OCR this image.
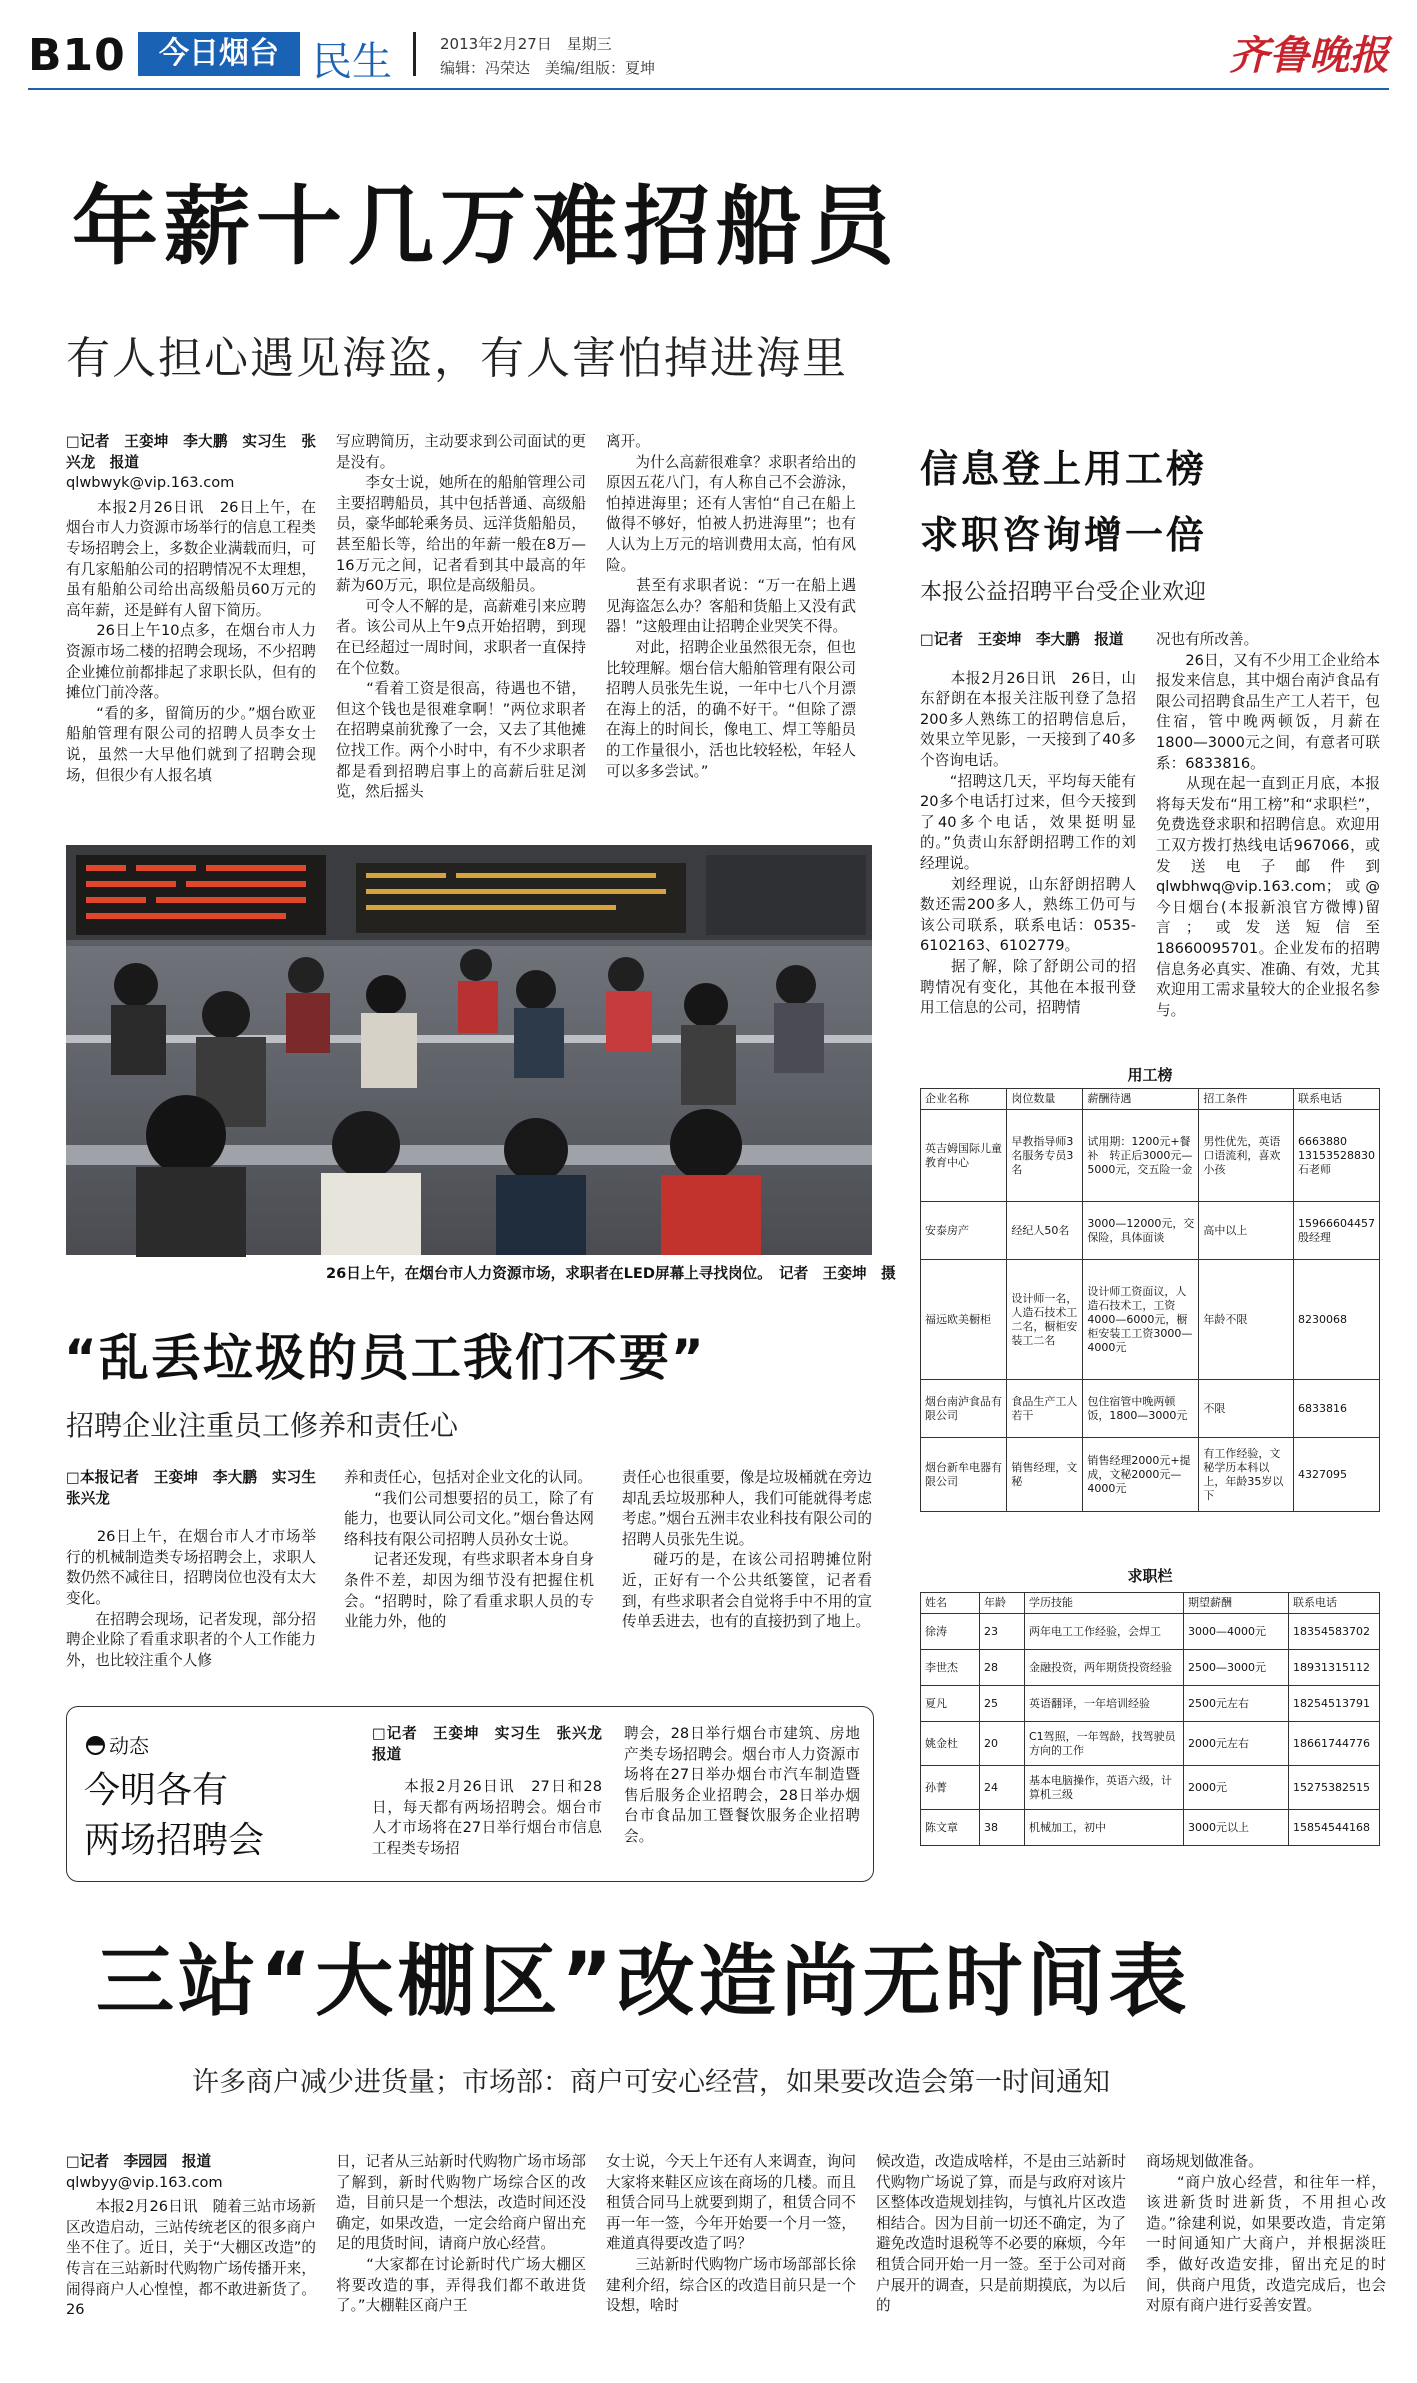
B10	今日烟台 民生	2013年2月27日　星期三
编辑：冯荣达　美编/组版：夏坤	齐鲁晚报
年薪十几万难招船员
有人担心遇见海盗，有人害怕掉进海里
□记者　王娈坤　李大鹏　实习生　张兴龙　报道
qlwbwyk@vip.163.com
　　本报2月26日讯　26日上午，在烟台市人力资源市场举行的信息工程类专场招聘会上，多数企业满载而归，可有几家船舶公司的招聘情况不太理想，虽有船舶公司给出高级船员60万元的高年薪，还是鲜有人留下简历。
　　26日上午10点多，在烟台市人力资源市场二楼的招聘会现场，不少招聘企业摊位前都排起了求职长队，但有的摊位门前冷落。
　　“看的多，留简历的少。”烟台欧亚船舶管理有限公司的招聘人员李女士说，虽然一大早他们就到了招聘会现场，但很少有人报名填
写应聘简历，主动要求到公司面试的更是没有。
　　李女士说，她所在的船舶管理公司主要招聘船员，其中包括普通、高级船员，豪华邮轮乘务员、远洋货船船员，甚至船长等，给出的年薪一般在8万—16万元之间，记者看到其中最高的年薪为60万元，职位是高级船员。
　　可令人不解的是，高薪难引来应聘者。该公司从上午9点开始招聘，到现在已经超过一周时间，求职者一直保持在个位数。
　　“看着工资是很高，待遇也不错，但这个钱也是很难拿啊！”两位求职者在招聘桌前犹豫了一会，又去了其他摊位找工作。两个小时中，有不少求职者都是看到招聘启事上的高薪后驻足浏览，然后摇头
离开。
　　为什么高薪很难拿？求职者给出的原因五花八门，有人称自己不会游泳，怕掉进海里；还有人害怕“自己在船上做得不够好，怕被人扔进海里”；也有人认为上万元的培训费用太高，怕有风险。
　　甚至有求职者说：“万一在船上遇见海盗怎么办？客船和货船上又没有武器！”这般理由让招聘企业哭笑不得。
　　对此，招聘企业虽然很无奈，但也比较理解。烟台信大船舶管理有限公司招聘人员张先生说，一年中七八个月漂在海上的活，的确不好干。“但除了漂在海上的时间长，像电工、焊工等船员的工作量很小，活也比较轻松，年轻人可以多多尝试。”
26日上午，在烟台市人力资源市场，求职者在LED屏幕上寻找岗位。　记者　王娈坤　摄
信息登上用工榜
求职咨询增一倍
本报公益招聘平台受企业欢迎
□记者　王娈坤　李大鹏　报道
　　本报2月26日讯　26日，山东舒朗在本报关注版刊登了急招200多人熟练工的招聘信息后，效果立竿见影，一天接到了40多个咨询电话。
　　“招聘这几天，平均每天能有20多个电话打过来，但今天接到了40多个电话，效果挺明显的。”负责山东舒朗招聘工作的刘经理说。
　　刘经理说，山东舒朗招聘人数还需200多人，熟练工仍可与该公司联系，联系电话：0535-6102163、6102779。
　　据了解，除了舒朗公司的招聘情况有变化，其他在本报刊登用工信息的公司，招聘情
况也有所改善。
　　26日，又有不少用工企业给本报发来信息，其中烟台南泸食品有限公司招聘食品生产工人若干，包住宿，管中晚两顿饭，月薪在1800—3000元之间，有意者可联系：6833816。
　　从现在起一直到正月底，本报将每天发布“用工榜”和“求职栏”，免费选登求职和招聘信息。欢迎用工双方拨打热线电话967066，或发送电子邮件到qlwbhwq@vip.163.com；或@今日烟台(本报新浪官方微博)留言；或发送短信至18660095701。企业发布的招聘信息务必真实、准确、有效，尤其欢迎用工需求量较大的企业报名参与。
用工榜
企业名称	岗位数量	薪酬待遇	招工条件	联系电话
英吉姆国际儿童教育中心	早教指导师3名服务专员3名	试用期：1200元+餐补　转正后3000元—5000元，交五险一金	男性优先，英语口语流利，喜欢小孩	6663880　13153528830石老师
安泰房产	经纪人50名	3000—12000元，交保险，具体面谈	高中以上	15966604457殷经理
福远欧美橱柜	设计师一名，人造石技术工二名，橱柜安装工二名	设计师工资面议，人造石技术工，工资4000—6000元，橱柜安装工工资3000—4000元	年龄不限	8230068
烟台南泸食品有限公司	食品生产工人若干	包住宿管中晚两顿饭，1800—3000元	不限	6833816
烟台新牟电器有限公司	销售经理，文秘	销售经理2000元+提成，文秘2000元—4000元	有工作经验，文秘学历本科以上，年龄35岁以下	4327095
求职栏
姓名	年龄	学历技能	期望薪酬	联系电话
徐涛	23	两年电工工作经验，会焊工	3000—4000元	18354583702
李世杰	28	金融投资，两年期货投资经验	2500—3000元	18931315112
夏凡	25	英语翻译，一年培训经验	2500元左右	18254513791
姚金杜	20	C1驾照，一年驾龄，找驾驶员方向的工作	2000元左右	18661744776
孙菁	24	基本电脑操作，英语六级，计算机三级	2000元	15275382515
陈文章	38	机械加工，初中	3000元以上	15854544168
“乱丢垃圾的员工我们不要”
招聘企业注重员工修养和责任心
□本报记者　王娈坤　李大鹏　实习生　张兴龙
　　26日上午，在烟台市人才市场举行的机械制造类专场招聘会上，求职人数仍然不减往日，招聘岗位也没有太大变化。
　　在招聘会现场，记者发现，部分招聘企业除了看重求职者的个人工作能力外，也比较注重个人修
养和责任心，包括对企业文化的认同。
　　“我们公司想要招的员工，除了有能力，也要认同公司文化。”烟台鲁达网络科技有限公司招聘人员孙女士说。
　　记者还发现，有些求职者本身自身条件不差，却因为细节没有把握住机会。“招聘时，除了看重求职人员的专业能力外，他的
责任心也很重要，像是垃圾桶就在旁边却乱丢垃圾那种人，我们可能就得考虑考虑。”烟台五洲丰农业科技有限公司的招聘人员张先生说。
　　碰巧的是，在该公司招聘摊位附近，正好有一个公共纸篓筐，记者看到，有些求职者会自觉将手中不用的宣传单丢进去，也有的直接扔到了地上。
动态
今明各有
两场招聘会
□记者　王娈坤　实习生　张兴龙　报道
　　本报2月26日讯　27日和28日，每天都有两场招聘会。烟台市人才市场将在27日举行烟台市信息工程类专场招
聘会，28日举行烟台市建筑、房地产类专场招聘会。烟台市人力资源市场将在27日举办烟台市汽车制造暨售后服务企业招聘会，28日举办烟台市食品加工暨餐饮服务企业招聘会。
三站“大棚区”改造尚无时间表
许多商户减少进货量；市场部：商户可安心经营，如果要改造会第一时间通知
□记者　李园园　报道
qlwbyy@vip.163.com
　　本报2月26日讯　随着三站市场新区改造启动，三站传统老区的很多商户坐不住了。近日，关于“大棚区改造”的传言在三站新时代购物广场传播开来，闹得商户人心惶惶，都不敢进新货了。26
日，记者从三站新时代购物广场市场部了解到，新时代购物广场综合区的改造，目前只是一个想法，改造时间还没确定，如果改造，一定会给商户留出充足的甩货时间，请商户放心经营。
　　“大家都在讨论新时代广场大棚区将要改造的事，弄得我们都不敢进货了。”大棚鞋区商户王
女士说，今天上午还有人来调查，询问大家将来鞋区应该在商场的几楼。而且租赁合同马上就要到期了，租赁合同不再一年一签，今年开始要一个月一签，难道真得要改造了吗？
　　三站新时代购物广场市场部部长徐建利介绍，综合区的改造目前只是一个设想，啥时
候改造，改造成啥样，不是由三站新时代购物广场说了算，而是与政府对该片区整体改造规划挂钩，与慎礼片区改造相结合。因为目前一切还不确定，为了避免改造时退税等不必要的麻烦，今年租赁合同开始一月一签。至于公司对商户展开的调查，只是前期摸底，为以后的
商场规划做准备。
　　“商户放心经营，和往年一样，该进新货时进新货，不用担心改造。”徐建利说，如果要改造，肯定第一时间通知广大商户，并根据淡旺季，做好改造安排，留出充足的时间，供商户甩货，改造完成后，也会对原有商户进行妥善安置。
